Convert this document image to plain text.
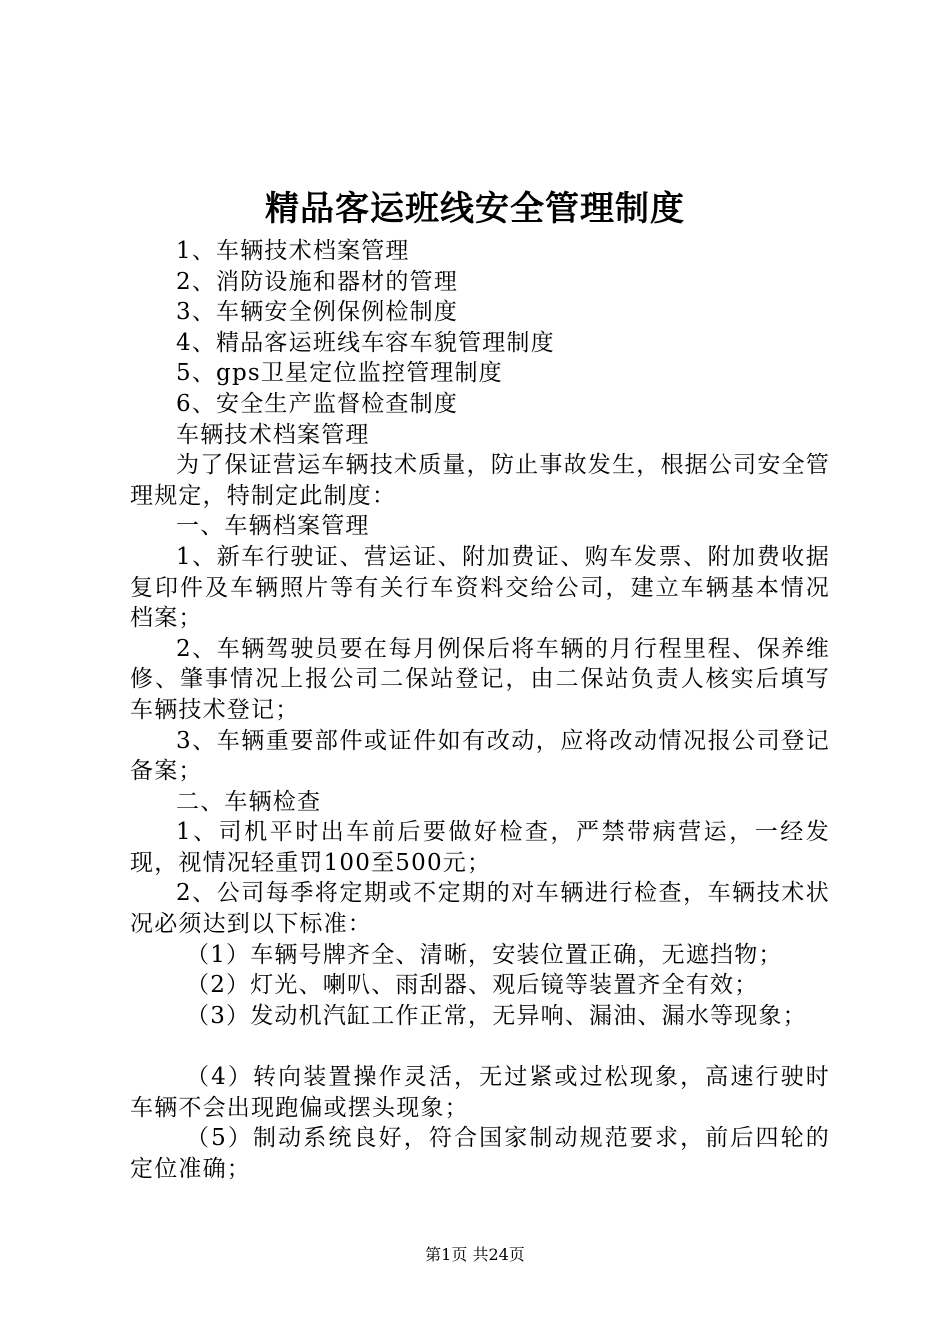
精品客运班线安全管理制度

1、车辆技术档案管理

2、消防设施和器材的管理

3、车辆安全例保例检制度

4、精品客运班线车容车貌管理制度

5、gps卫星定位监控管理制度

6、安全生产监督检查制度

车辆技术档案管理

为了保证营运车辆技术质量，防止事故发生，根据公司安全管理规定，特制定此制度：

一、车辆档案管理

1、新车行驶证、营运证、附加费证、购车发票、附加费收据复印件及车辆照片等有关行车资料交给公司，建立车辆基本情况档案；

2、车辆驾驶员要在每月例保后将车辆的月行程里程、保养维修、肇事情况上报公司二保站登记，由二保站负责人核实后填写车辆技术登记；

3、车辆重要部件或证件如有改动，应将改动情况报公司登记备案；

二、车辆检查

1、司机平时出车前后要做好检查，严禁带病营运，一经发现，视情况轻重罚100至500元；

2、公司每季将定期或不定期的对车辆进行检查，车辆技术状况必须达到以下标准：

（1）车辆号牌齐全、清晰，安装位置正确，无遮挡物；

（2）灯光、喇叭、雨刮器、观后镜等装置齐全有效；

（3）发动机汽缸工作正常，无异响、漏油、漏水等现象；

（4）转向装置操作灵活，无过紧或过松现象，高速行驶时车辆不会出现跑偏或摆头现象；

（5）制动系统良好，符合国家制动规范要求，前后四轮的定位准确；

第1页 共24页
